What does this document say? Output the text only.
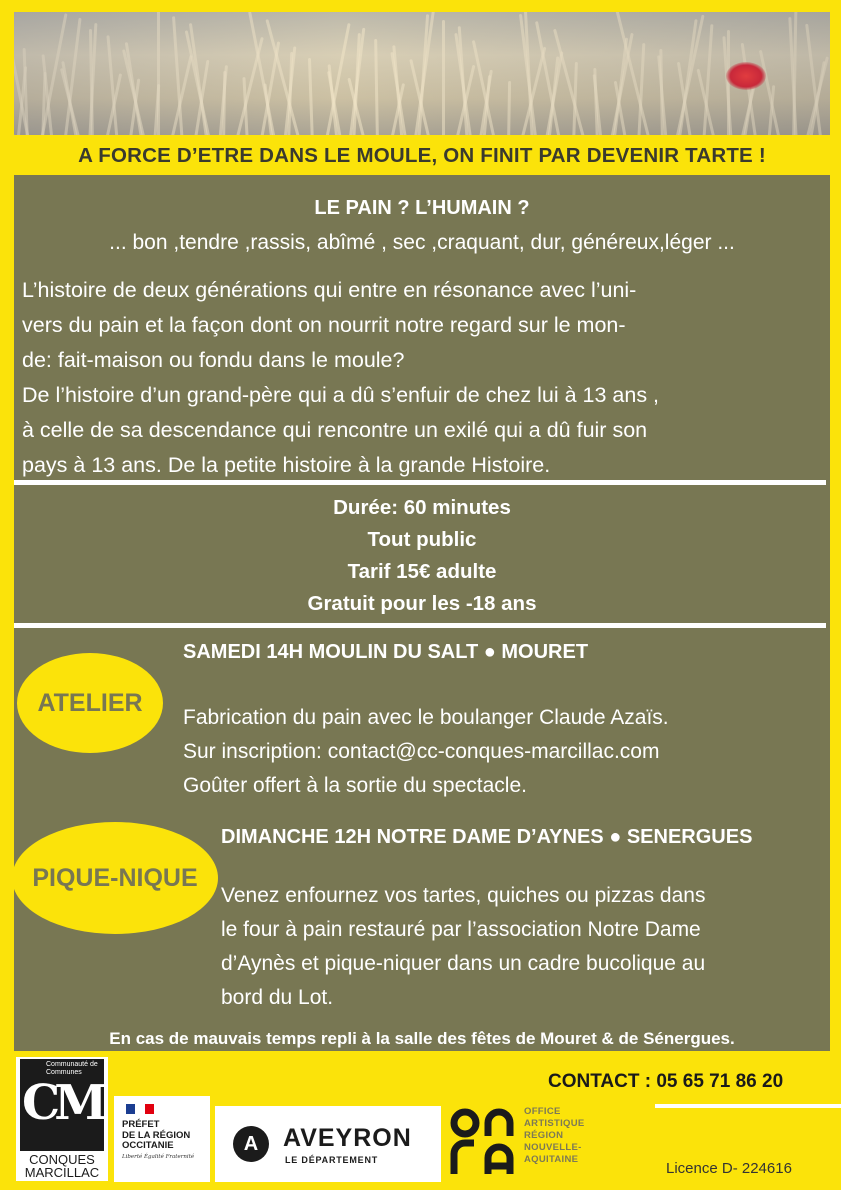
A FORCE D’ETRE DANS LE MOULE, ON FINIT PAR DEVENIR TARTE !
LE PAIN ? L’HUMAIN ?
... bon ,tendre ,rassis, abîmé , sec ,craquant, dur, généreux,léger ...
L’histoire de deux générations qui entre en résonance avec l’uni-
vers du pain et la façon dont on nourrit notre regard sur le mon-
de: fait-maison ou fondu dans le moule?
De l’histoire d’un grand-père qui a dû s’enfuir de chez lui à 13 ans ,
à celle de sa descendance qui rencontre un exilé qui a dû fuir son
pays à 13 ans. De la petite histoire à la grande Histoire.
Durée: 60 minutes
Tout public
Tarif 15€ adulte
Gratuit pour les -18 ans
ATELIER
SAMEDI 14H MOULIN DU SALT ● MOURET
Fabrication du pain avec le boulanger Claude Azaïs.
Sur inscription: contact@cc-conques-marcillac.com
Goûter offert à la sortie du spectacle.
PIQUE-NIQUE
DIMANCHE 12H NOTRE DAME D’AYNES ● SENERGUES
Venez enfournez vos tartes, quiches ou pizzas dans
le four à pain restauré par l’association Notre Dame
d’Aynès et pique-niquer dans un cadre bucolique au
bord du Lot.
En cas de mauvais temps repli à la salle des fêtes de Mouret & de Sénergues.
CONTACT : 05 65 71 86 20
Licence D- 224616
Communauté de Communes
CM
CONQUES
MARCILLAC
PRÉFET
DE LA RÉGION
OCCITANIE
Liberté Égalité Fraternité
A AVEYRON
LE DÉPARTEMENT
OFFICE
ARTISTIQUE
RÉGION
NOUVELLE-
AQUITAINE
